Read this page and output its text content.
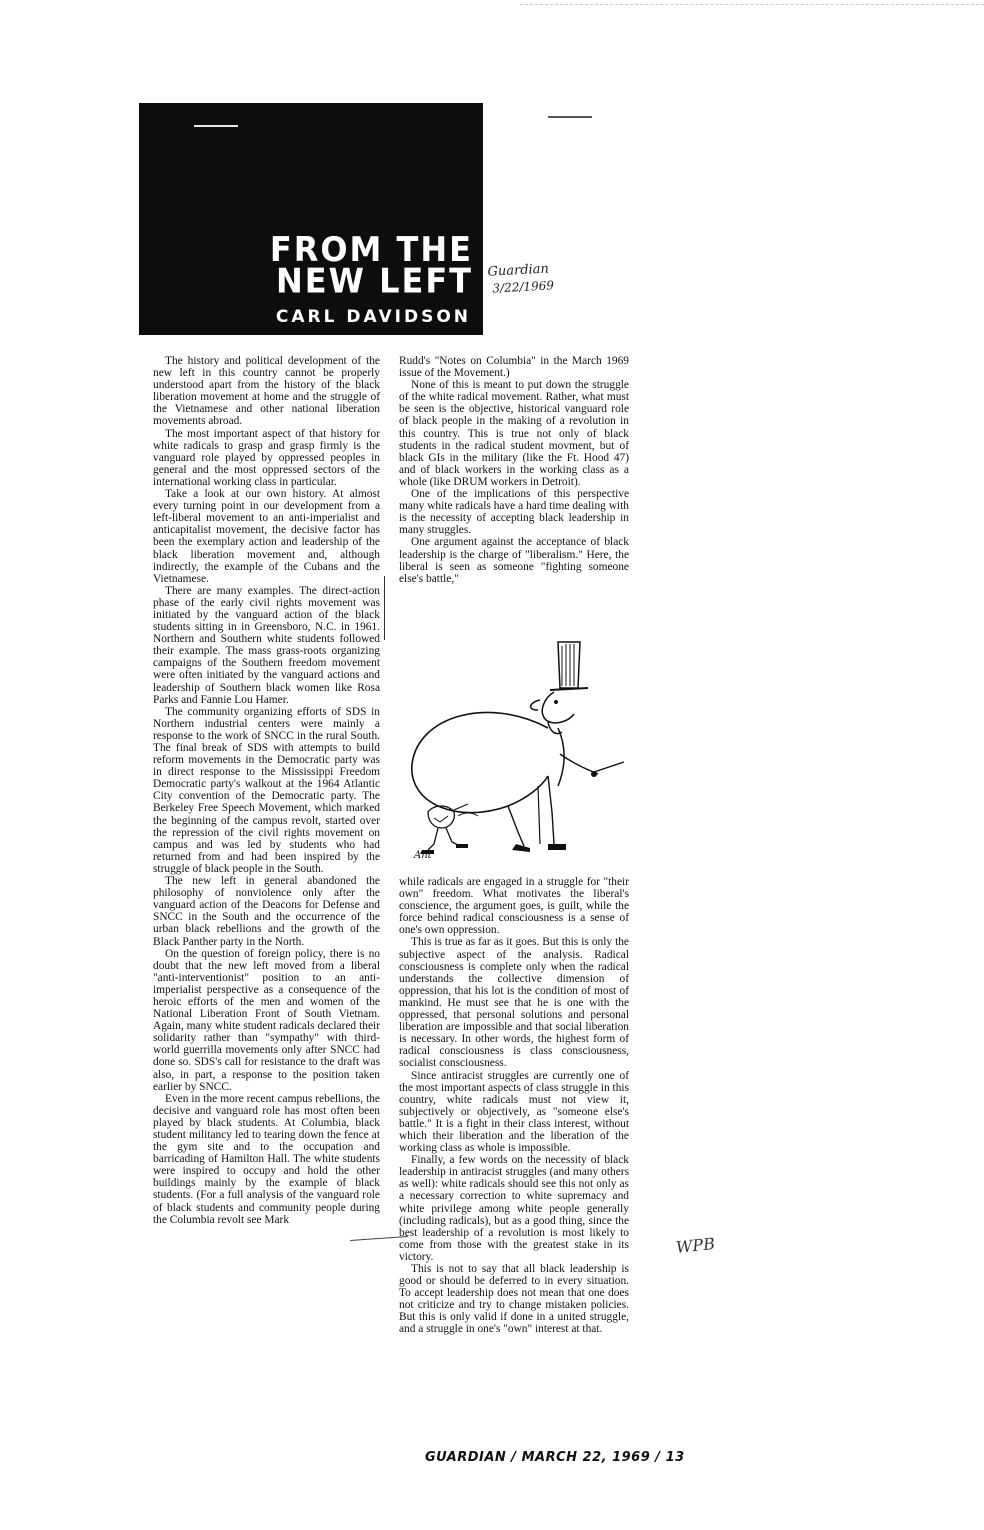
FROM THE
NEW LEFT
CARL DAVIDSON
Guardian
3/22/1969

The history and political development of the new left in this country cannot be properly understood apart from the history of the black liberation movement at home and the struggle of the Vietnamese and other national liberation movements abroad.

The most important aspect of that history for white radicals to grasp and grasp firmly is the vanguard role played by oppressed peoples in general and the most oppressed sectors of the international working class in particular.

Take a look at our own history. At almost every turning point in our development from a left-liberal movement to an anti-imperialist and anticapitalist movement, the decisive factor has been the exemplary action and leadership of the black liberation movement and, although indirectly, the example of the Cubans and the Vietnamese.

There are many examples. The direct-action phase of the early civil rights movement was initiated by the vanguard action of the black students sitting in in Greensboro, N.C. in 1961. Northern and Southern white students followed their example. The mass grass-roots organizing campaigns of the Southern freedom movement were often initiated by the vanguard actions and leadership of Southern black women like Rosa Parks and Fannie Lou Hamer.

The community organizing efforts of SDS in Northern industrial centers were mainly a response to the work of SNCC in the rural South. The final break of SDS with attempts to build reform movements in the Democratic party was in direct response to the Mississippi Freedom Democratic party's walkout at the 1964 Atlantic City convention of the Democratic party. The Berkeley Free Speech Movement, which marked the beginning of the campus revolt, started over the repression of the civil rights movement on campus and was led by students who had returned from and had been inspired by the struggle of black people in the South.

The new left in general abandoned the philosophy of nonviolence only after the vanguard action of the Deacons for Defense and SNCC in the South and the occurrence of the urban black rebellions and the growth of the Black Panther party in the North.

On the question of foreign policy, there is no doubt that the new left moved from a liberal "anti-interventionist" position to an anti-imperialist perspective as a consequence of the heroic efforts of the men and women of the National Liberation Front of South Vietnam. Again, many white student radicals declared their solidarity rather than "sympathy" with third-world guerrilla movements only after SNCC had done so. SDS's call for resistance to the draft was also, in part, a response to the position taken earlier by SNCC.

Even in the more recent campus rebellions, the decisive and vanguard role has most often been played by black students. At Columbia, black student militancy led to tearing down the fence at the gym site and to the occupation and barricading of Hamilton Hall. The white students were inspired to occupy and hold the other buildings mainly by the example of black students. (For a full analysis of the vanguard role of black students and community people during the Columbia revolt see Mark

Rudd's "Notes on Columbia" in the March 1969 issue of the Movement.)

None of this is meant to put down the struggle of the white radical movement. Rather, what must be seen is the objective, historical vanguard role of black people in the making of a revolution in this country. This is true not only of black students in the radical student movment, but of black GIs in the military (like the Ft. Hood 47) and of black workers in the working class as a whole (like DRUM workers in Detroit).

One of the implications of this perspective many white radicals have a hard time dealing with is the necessity of accepting black leadership in many struggles.

One argument against the acceptance of black leadership is the charge of "liberalism." Here, the liberal is seen as someone "fighting someone else's battle,"

Ant

while radicals are engaged in a struggle for "their own" freedom. What motivates the liberal's conscience, the argument goes, is guilt, while the force behind radical consciousness is a sense of one's own oppression.

This is true as far as it goes. But this is only the subjective aspect of the analysis. Radical consciousness is complete only when the radical understands the collective dimension of oppression, that his lot is the condition of most of mankind. He must see that he is one with the oppressed, that personal solutions and personal liberation are impossible and that social liberation is necessary. In other words, the highest form of radical consciousness is class consciousness, socialist consciousness.

Since antiracist struggles are currently one of the most important aspects of class struggle in this country, white radicals must not view it, subjectively or objectively, as "someone else's battle." It is a fight in their class interest, without which their liberation and the liberation of the working class as whole is impossible.

Finally, a few words on the necessity of black leadership in antiracist struggles (and many others as well): white radicals should see this not only as a necessary correction to white supremacy and white privilege among white people generally (including radicals), but as a good thing, since the best leadership of a revolution is most likely to come from those with the greatest stake in its victory.

This is not to say that all black leadership is good or should be deferred to in every situation. To accept leadership does not mean that one does not criticize and try to change mistaken policies. But this is only valid if done in a united struggle, and a struggle in one's "own" interest at that.

WPB
GUARDIAN / MARCH 22, 1969 / 13
